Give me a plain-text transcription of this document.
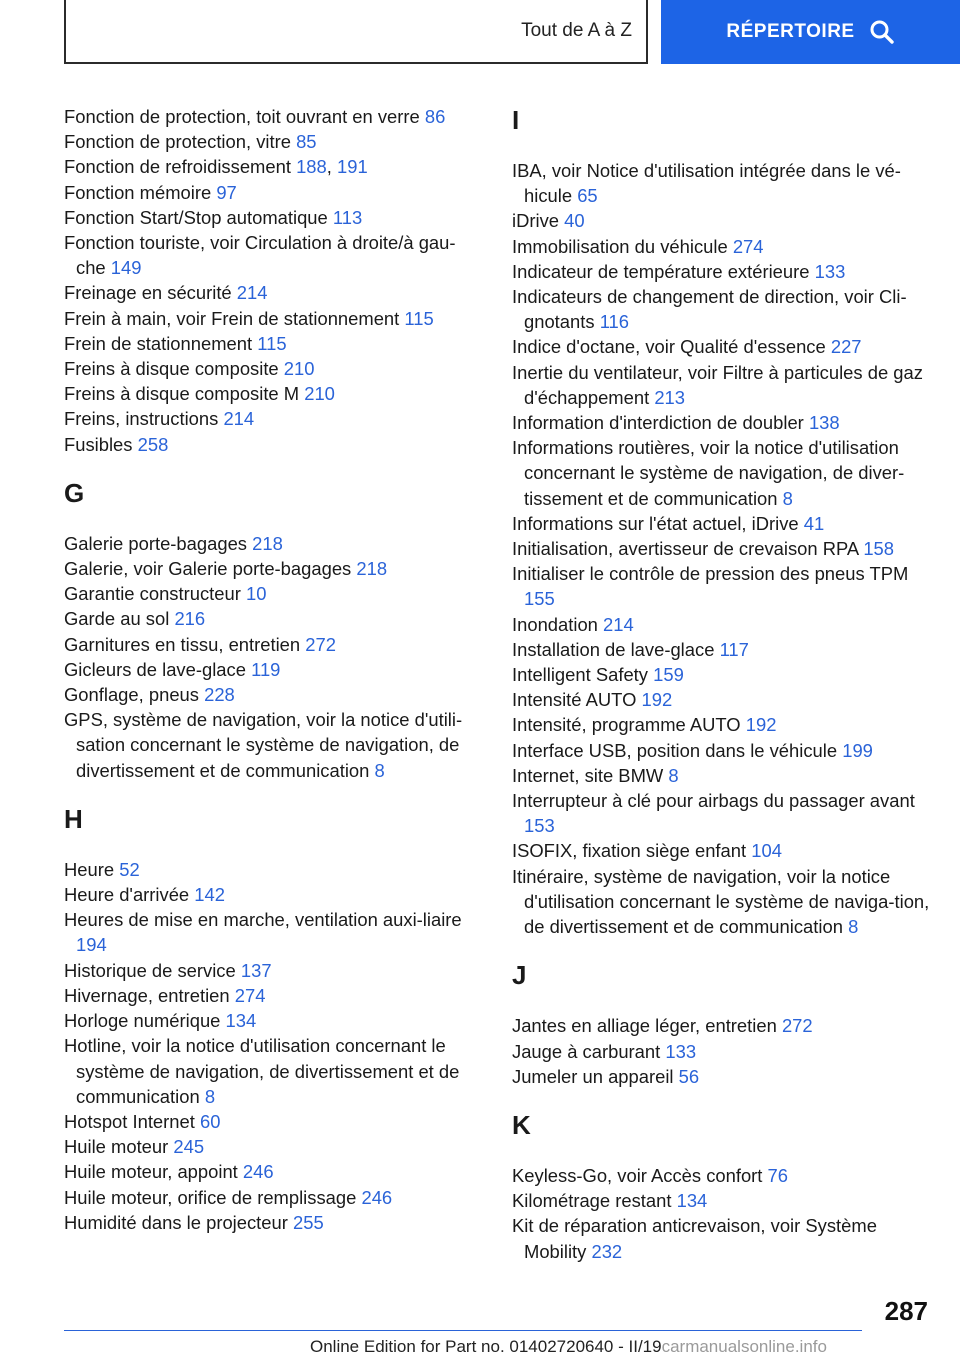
Tout de A à Z	RÉPERTOIRE

Fonction de protection, toit ouvrant en verre 86

Fonction de protection, vitre 85

Fonction de refroidissement 188, 191

Fonction mémoire 97

Fonction Start/Stop automatique 113

Fonction touriste, voir Circulation à droite/à gau-che 149

Freinage en sécurité 214

Frein à main, voir Frein de stationnement 115

Frein de stationnement 115

Freins à disque composite 210

Freins à disque composite M 210

Freins, instructions 214

Fusibles 258

G

Galerie porte-bagages 218

Galerie, voir Galerie porte-bagages 218

Garantie constructeur 10

Garde au sol 216

Garnitures en tissu, entretien 272

Gicleurs de lave-glace 119

Gonflage, pneus 228

GPS, système de navigation, voir la notice d'utili-sation concernant le système de navigation, de divertissement et de communication 8

H

Heure 52

Heure d'arrivée 142

Heures de mise en marche, ventilation auxi-liaire 194

Historique de service 137

Hivernage, entretien 274

Horloge numérique 134

Hotline, voir la notice d'utilisation concernant le système de navigation, de divertissement et de communication 8

Hotspot Internet 60

Huile moteur 245

Huile moteur, appoint 246

Huile moteur, orifice de remplissage 246

Humidité dans le projecteur 255

I

IBA, voir Notice d'utilisation intégrée dans le vé-hicule 65

iDrive 40

Immobilisation du véhicule 274

Indicateur de température extérieure 133

Indicateurs de changement de direction, voir Cli-gnotants 116

Indice d'octane, voir Qualité d'essence 227

Inertie du ventilateur, voir Filtre à particules de gaz d'échappement 213

Information d'interdiction de doubler 138

Informations routières, voir la notice d'utilisation concernant le système de navigation, de diver-tissement et de communication 8

Informations sur l'état actuel, iDrive 41

Initialisation, avertisseur de crevaison RPA 158

Initialiser le contrôle de pression des pneus TPM 155

Inondation 214

Installation de lave-glace 117

Intelligent Safety 159

Intensité AUTO 192

Intensité, programme AUTO 192

Interface USB, position dans le véhicule 199

Internet, site BMW 8

Interrupteur à clé pour airbags du passager avant 153

ISOFIX, fixation siège enfant 104

Itinéraire, système de navigation, voir la notice d'utilisation concernant le système de naviga-tion, de divertissement et de communication 8

J

Jantes en alliage léger, entretien 272

Jauge à carburant 133

Jumeler un appareil 56

K

Keyless-Go, voir Accès confort 76

Kilométrage restant 134

Kit de réparation anticrevaison, voir Système Mobility 232

287
Online Edition for Part no. 01402720640 - II/19carmanualsonline.info
